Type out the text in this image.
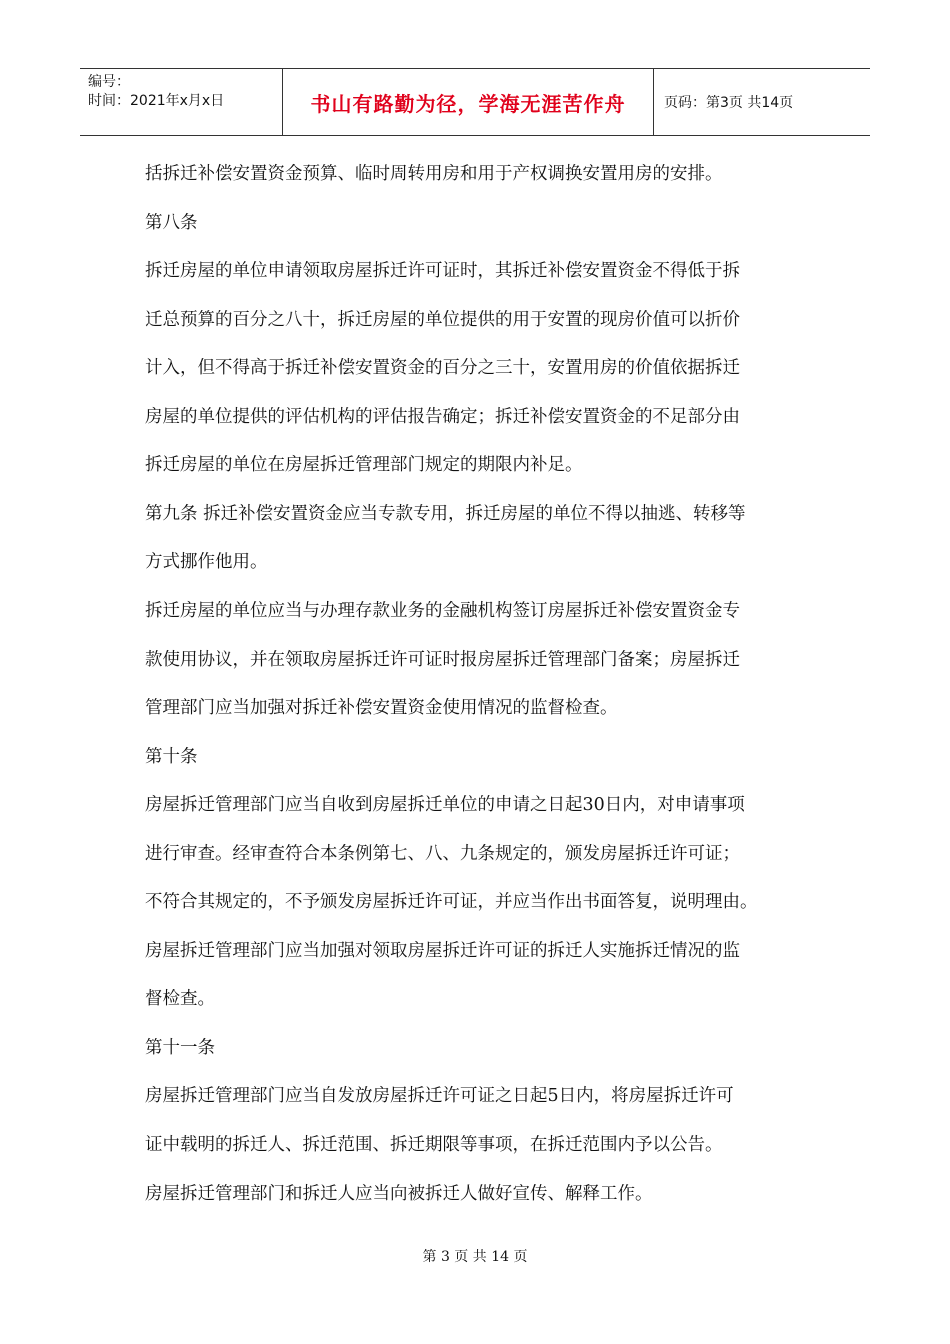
编号：
时间：2021年x月x日	书山有路勤为径，学海无涯苦作舟	页码：第3页 共14页
括拆迁补偿安置资金预算、临时周转用房和用于产权调换安置用房的安排。
第八条
拆迁房屋的单位申请领取房屋拆迁许可证时，其拆迁补偿安置资金不得低于拆
迁总预算的百分之八十，拆迁房屋的单位提供的用于安置的现房价值可以折价
计入，但不得高于拆迁补偿安置资金的百分之三十，安置用房的价值依据拆迁
房屋的单位提供的评估机构的评估报告确定；拆迁补偿安置资金的不足部分由
拆迁房屋的单位在房屋拆迁管理部门规定的期限内补足。
第九条 拆迁补偿安置资金应当专款专用，拆迁房屋的单位不得以抽逃、转移等
方式挪作他用。
拆迁房屋的单位应当与办理存款业务的金融机构签订房屋拆迁补偿安置资金专
款使用协议，并在领取房屋拆迁许可证时报房屋拆迁管理部门备案；房屋拆迁
管理部门应当加强对拆迁补偿安置资金使用情况的监督检查。
第十条
房屋拆迁管理部门应当自收到房屋拆迁单位的申请之日起30日内，对申请事项
进行审查。经审查符合本条例第七、八、九条规定的，颁发房屋拆迁许可证；
不符合其规定的，不予颁发房屋拆迁许可证，并应当作出书面答复，说明理由。
房屋拆迁管理部门应当加强对领取房屋拆迁许可证的拆迁人实施拆迁情况的监
督检查。
第十一条
房屋拆迁管理部门应当自发放房屋拆迁许可证之日起5日内，将房屋拆迁许可
证中载明的拆迁人、拆迁范围、拆迁期限等事项，在拆迁范围内予以公告。
房屋拆迁管理部门和拆迁人应当向被拆迁人做好宣传、解释工作。
第 3 页 共 14 页
